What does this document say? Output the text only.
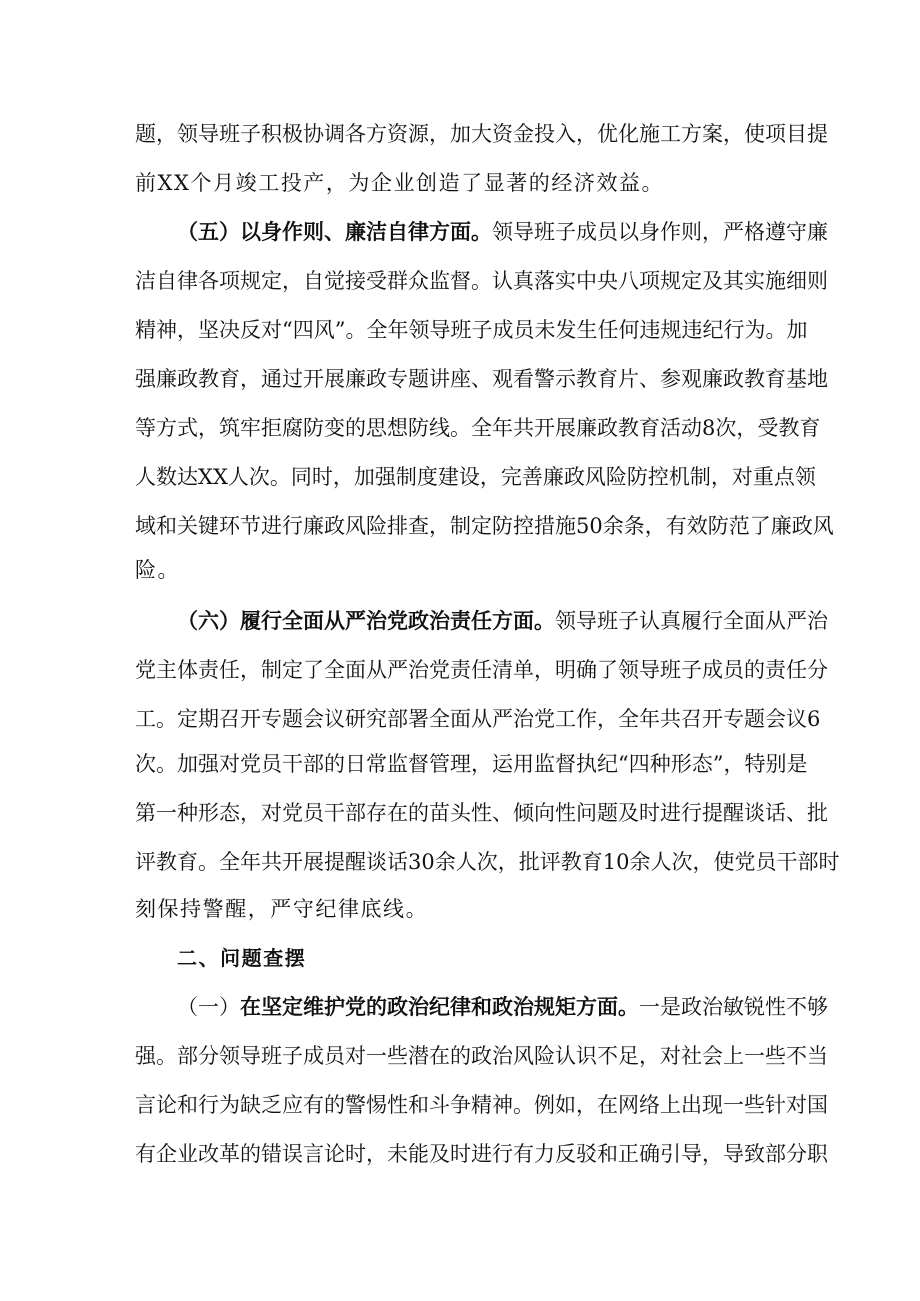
题，领导班子积极协调各方资源，加大资金投入，优化施工方案，使项目提
前XX个月竣工投产，为企业创造了显著的经济效益。
（五）以身作则、廉洁自律方面。领导班子成员以身作则，严格遵守廉
洁自律各项规定，自觉接受群众监督。认真落实中央八项规定及其实施细则
精神，坚决反对“四风”。全年领导班子成员未发生任何违规违纪行为。加
强廉政教育，通过开展廉政专题讲座、观看警示教育片、参观廉政教育基地
等方式，筑牢拒腐防变的思想防线。全年共开展廉政教育活动8次，受教育
人数达XX人次。同时，加强制度建设，完善廉政风险防控机制，对重点领
域和关键环节进行廉政风险排查，制定防控措施50余条，有效防范了廉政风
险。
（六）履行全面从严治党政治责任方面。领导班子认真履行全面从严治
党主体责任，制定了全面从严治党责任清单，明确了领导班子成员的责任分
工。定期召开专题会议研究部署全面从严治党工作，全年共召开专题会议6
次。加强对党员干部的日常监督管理，运用监督执纪“四种形态”，特别是
第一种形态，对党员干部存在的苗头性、倾向性问题及时进行提醒谈话、批
评教育。全年共开展提醒谈话30余人次，批评教育10余人次，使党员干部时
刻保持警醒，严守纪律底线。
二、问题查摆
（一）在坚定维护党的政治纪律和政治规矩方面。一是政治敏锐性不够
强。部分领导班子成员对一些潜在的政治风险认识不足，对社会上一些不当
言论和行为缺乏应有的警惕性和斗争精神。例如，在网络上出现一些针对国
有企业改革的错误言论时，未能及时进行有力反驳和正确引导，导致部分职
